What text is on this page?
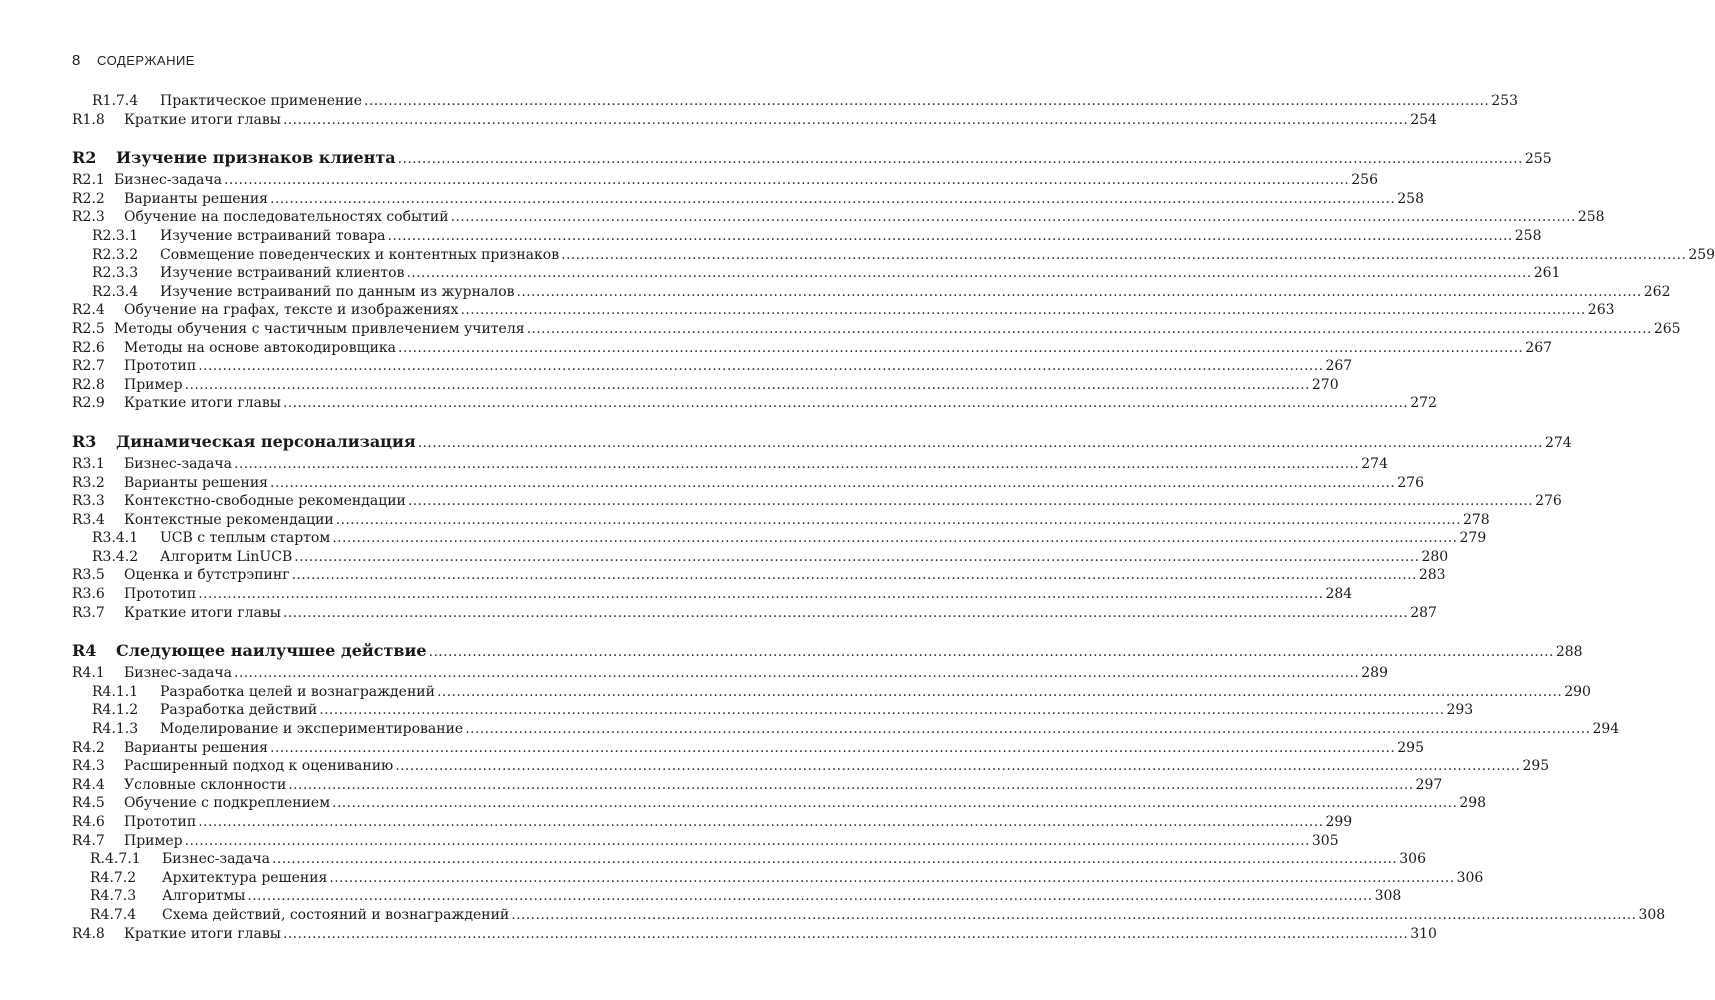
8 СОДЕРЖАНИЕ
R1.7.4	Практическое применение .....	253
R1.8	Краткие итоги главы .....	254
R2	Изучение признаков клиента .....	255
R2.1 Бизнес-задача .....	256
R2.2	Варианты решения .....	258
R2.3	Обучение на последовательностях событий .....	258
R2.3.1	Изучение встраиваний товара .....	258
R2.3.2	Совмещение поведенческих и контентных признаков .....	259
R2.3.3	Изучение встраиваний клиентов .....	261
R2.3.4	Изучение встраиваний по данным из журналов .....	262
R2.4	Обучение на графах, тексте и изображениях .....	263
R2.5 Методы обучения с частичным привлечением учителя .....	265
R2.6	Методы на основе автокодировщика .....	267
R2.7	Прототип .....	267
R2.8	Пример .....	270
R2.9	Краткие итоги главы .....	272
R3	Динамическая персонализация .....	274
R3.1	Бизнес-задача .....	274
R3.2	Варианты решения .....	276
R3.3	Контекстно-свободные рекомендации .....	276
R3.4	Контекстные рекомендации .....	278
R3.4.1	UCB с теплым стартом .....	279
R3.4.2	Алгоритм LinUCB .....	280
R3.5	Оценка и бутстрэпинг .....	283
R3.6	Прототип .....	284
R3.7	Краткие итоги главы .....	287
R4	Следующее наилучшее действие .....	288
R4.1	Бизнес-задача .....	289
R4.1.1	Разработка целей и вознаграждений .....	290
R4.1.2	Разработка действий .....	293
R4.1.3	Моделирование и экспериментирование .....	294
R4.2	Варианты решения .....	295
R4.3	Расширенный подход к оцениванию .....	295
R4.4	Условные склонности .....	297
R4.5	Обучение с подкреплением .....	298
R4.6	Прототип .....	299
R4.7	Пример .....	305
R.4.7.1	Бизнес-задача .....	306
R4.7.2	Архитектура решения .....	306
R4.7.3	Алгоритмы .....	308
R4.7.4	Схема действий, состояний и вознаграждений .....	308
R4.8	Краткие итоги главы .....	310
